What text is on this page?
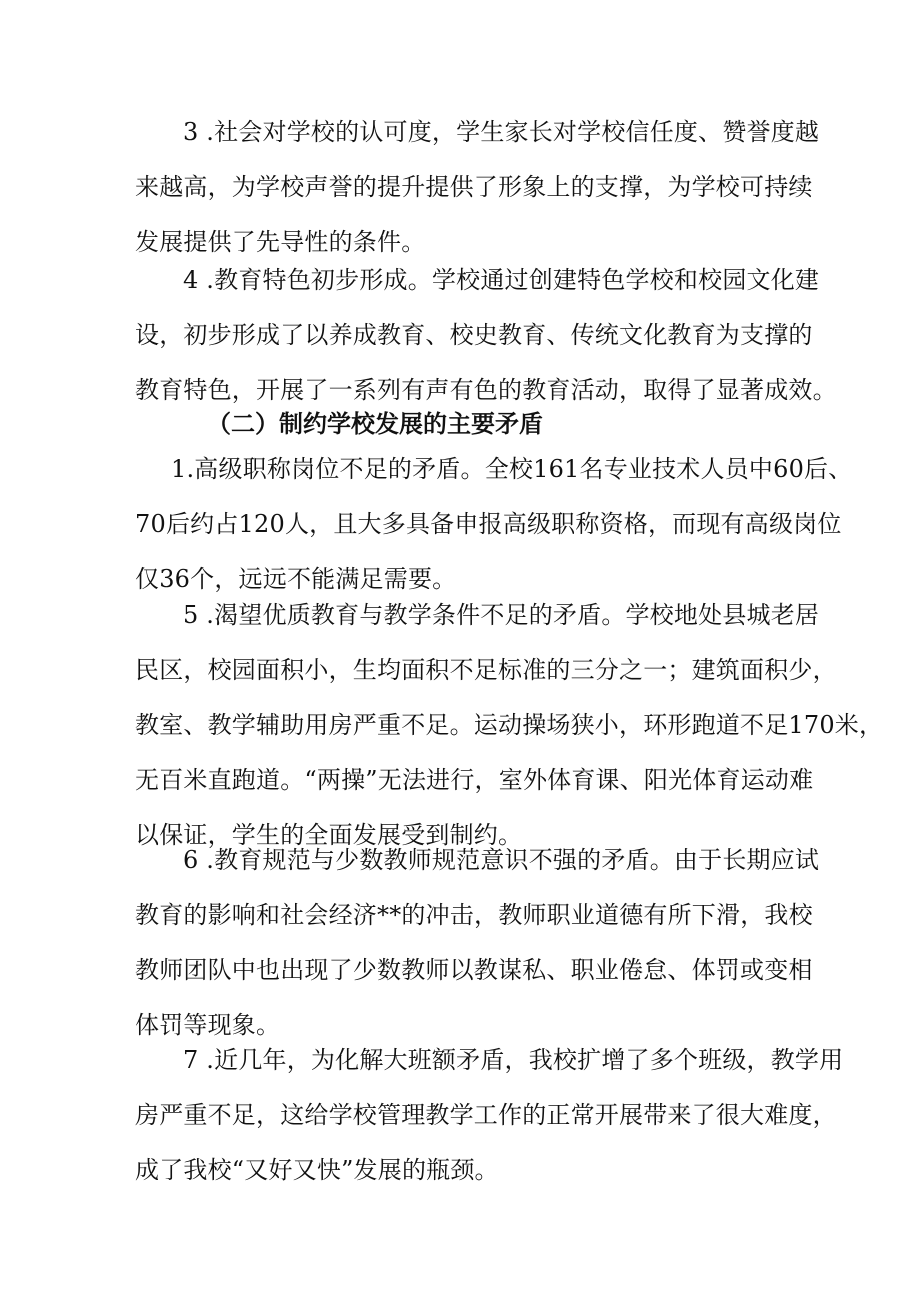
3 .社会对学校的认可度，学生家长对学校信任度、赞誉度越
来越高，为学校声誉的提升提供了形象上的支撑，为学校可持续
发展提供了先导性的条件。
4 .教育特色初步形成。学校通过创建特色学校和校园文化建
设，初步形成了以养成教育、校史教育、传统文化教育为支撑的
教育特色，开展了一系列有声有色的教育活动，取得了显著成效。
（二）制约学校发展的主要矛盾
1.高级职称岗位不足的矛盾。全校161名专业技术人员中60后、
70后约占120人，且大多具备申报高级职称资格，而现有高级岗位
仅36个，远远不能满足需要。
5 .渴望优质教育与教学条件不足的矛盾。学校地处县城老居
民区，校园面积小，生均面积不足标准的三分之一；建筑面积少，
教室、教学辅助用房严重不足。运动操场狭小，环形跑道不足170米，
无百米直跑道。“两操”无法进行，室外体育课、阳光体育运动难
以保证，学生的全面发展受到制约。
6 .教育规范与少数教师规范意识不强的矛盾。由于长期应试
教育的影响和社会经济**的冲击，教师职业道德有所下滑，我校
教师团队中也出现了少数教师以教谋私、职业倦怠、体罚或变相
体罚等现象。
7 .近几年，为化解大班额矛盾，我校扩增了多个班级，教学用
房严重不足，这给学校管理教学工作的正常开展带来了很大难度，
成了我校“又好又快”发展的瓶颈。
